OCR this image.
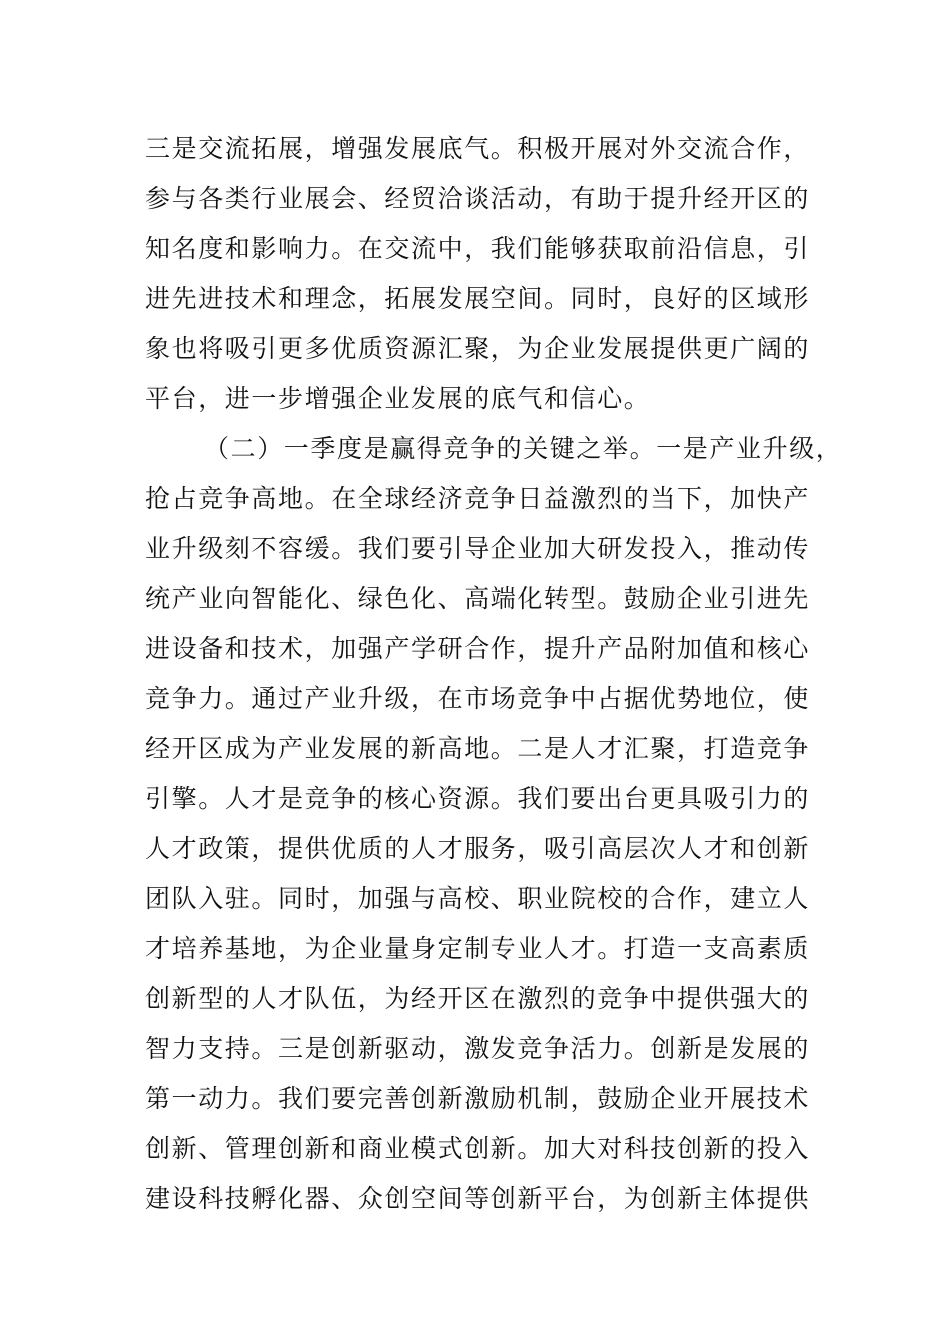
三是交流拓展，增强发展底气。积极开展对外交流合作，
参与各类行业展会、经贸洽谈活动，有助于提升经开区的
知名度和影响力。在交流中，我们能够获取前沿信息，引
进先进技术和理念，拓展发展空间。同时，良好的区域形
象也将吸引更多优质资源汇聚，为企业发展提供更广阔的
平台，进一步增强企业发展的底气和信心。
（二）一季度是赢得竞争的关键之举。一是产业升级，
抢占竞争高地。在全球经济竞争日益激烈的当下，加快产
业升级刻不容缓。我们要引导企业加大研发投入，推动传
统产业向智能化、绿色化、高端化转型。鼓励企业引进先
进设备和技术，加强产学研合作，提升产品附加值和核心
竞争力。通过产业升级，在市场竞争中占据优势地位，使
经开区成为产业发展的新高地。二是人才汇聚，打造竞争
引擎。人才是竞争的核心资源。我们要出台更具吸引力的
人才政策，提供优质的人才服务，吸引高层次人才和创新
团队入驻。同时，加强与高校、职业院校的合作，建立人
才培养基地，为企业量身定制专业人才。打造一支高素质
创新型的人才队伍，为经开区在激烈的竞争中提供强大的
智力支持。三是创新驱动，激发竞争活力。创新是发展的
第一动力。我们要完善创新激励机制，鼓励企业开展技术
创新、管理创新和商业模式创新。加大对科技创新的投入
建设科技孵化器、众创空间等创新平台，为创新主体提供
